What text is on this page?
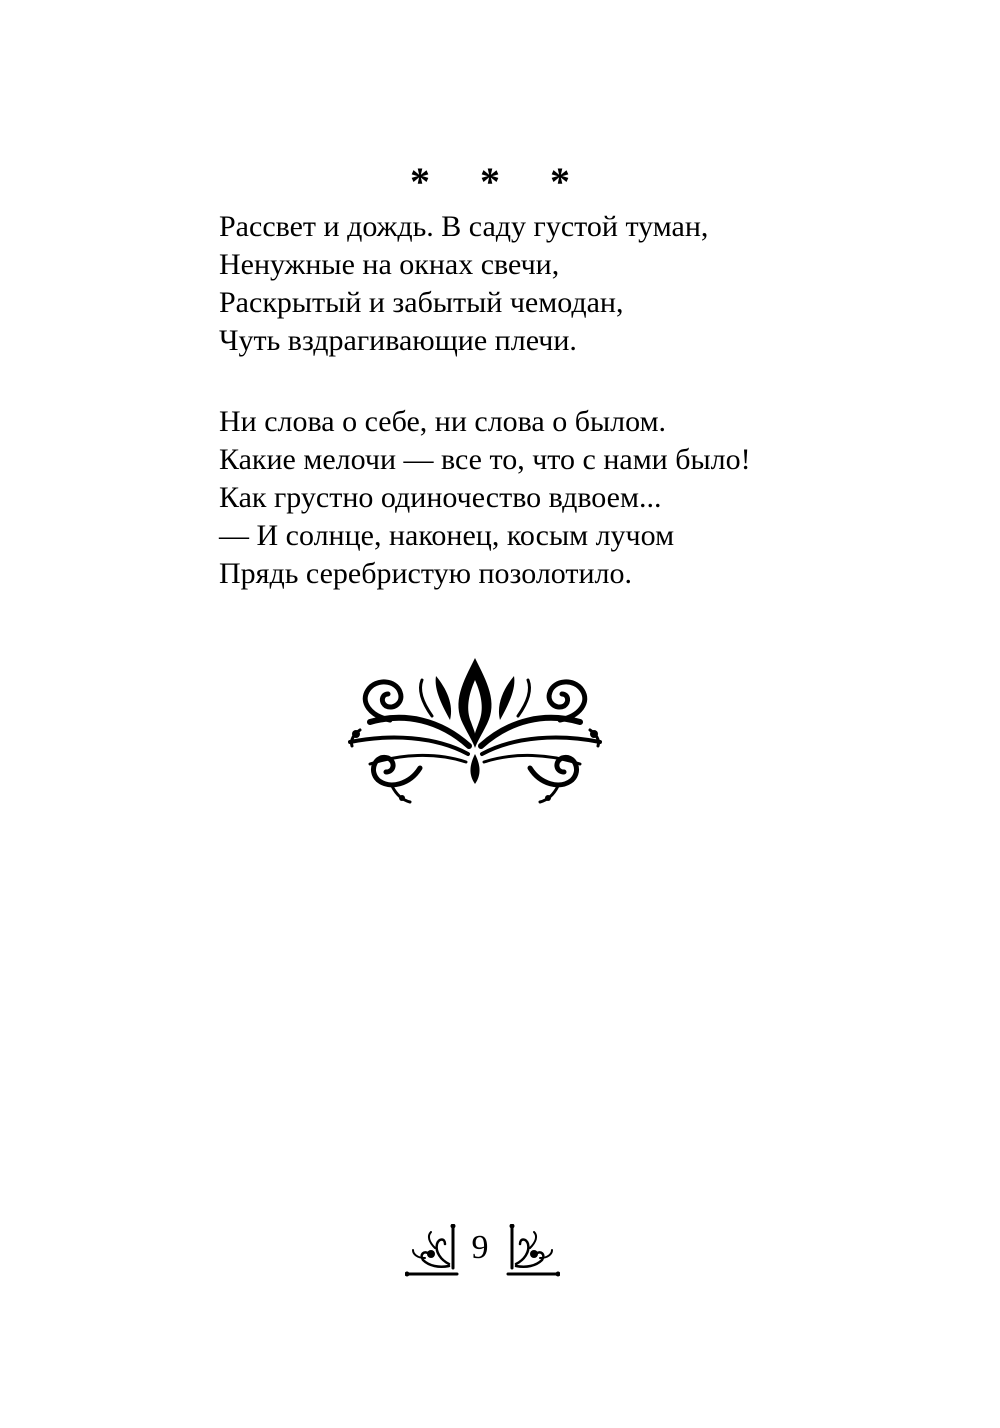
* * *
Рассвет и дождь. В саду густой туман,
Ненужные на окнах свечи,
Раскрытый и забытый чемодан,
Чуть вздрагивающие плечи.
Ни слова о себе, ни слова о былом.
Какие мелочи — все то, что с нами было!
Как грустно одиночество вдвоем...
— И солнце, наконец, косым лучом
Прядь серебристую позолотило.
9
